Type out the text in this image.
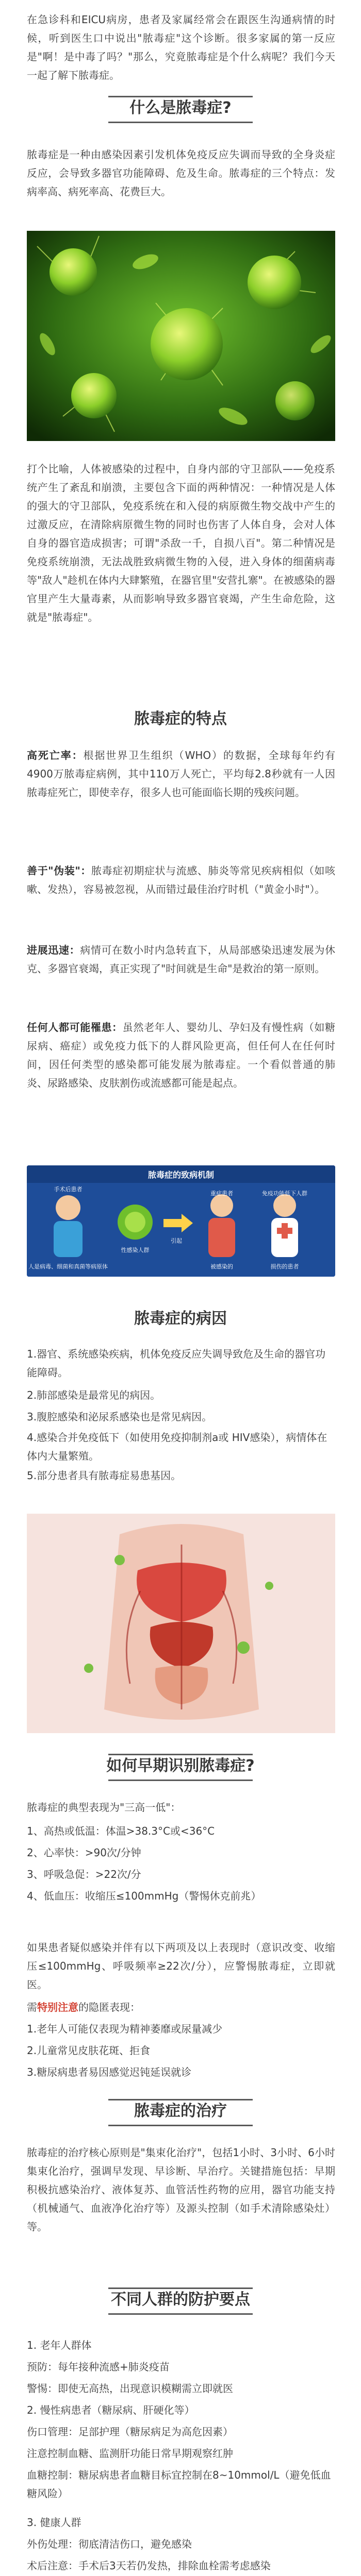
在急诊科和EICU病房，患者及家属经常会在跟医生沟通病情的时候，听到医生口中说出"脓毒症"这个诊断。很多家属的第一反应是"啊！是中毒了吗？"那么，究竟脓毒症是个什么病呢？我们今天一起了解下脓毒症。

什么是脓毒症?

脓毒症是一种由感染因素引发机体免疫反应失调而导致的全身炎症反应，会导致多器官功能障碍、危及生命。脓毒症的三个特点：发病率高、病死率高、花费巨大。

打个比喻，人体被感染的过程中，自身内部的守卫部队——免疫系统产生了紊乱和崩溃，主要包含下面的两种情况：一种情况是人体的强大的守卫部队，免疫系统在和入侵的病原微生物交战中产生的过激反应，在清除病原微生物的同时也伤害了人体自身，会对人体自身的器官造成损害；可谓"杀敌一千，自损八百"。第二种情况是免疫系统崩溃，无法战胜致病微生物的入侵，进入身体的细菌病毒等"敌人"趁机在体内大肆繁殖，在器官里"安营扎寨"。在被感染的器官里产生大量毒素，从而影响导致多器官衰竭，产生生命危险，这就是"脓毒症"。

脓毒症的特点

高死亡率：根据世界卫生组织（WHO）的数据，全球每年约有4900万脓毒症病例，其中110万人死亡，平均每2.8秒就有一人因脓毒症死亡，即使幸存，很多人也可能面临长期的残疾问题。

善于"伪装"：脓毒症初期症状与流感、肺炎等常见疾病相似（如咳嗽、发热），容易被忽视，从而错过最佳治疗时机（"黄金小时"）。

进展迅速：病情可在数小时内急转直下，从局部感染迅速发展为休克、多器官衰竭，真正实现了"时间就是生命"是救治的第一原则。

任何人都可能罹患：虽然老年人、婴幼儿、孕妇及有慢性病（如糖尿病、癌症）或免疫力低下的人群风险更高，但任何人在任何时间，因任何类型的感染都可能发展为脓毒症。一个看似普通的肺炎、尿路感染、皮肤割伤或流感都可能是起点。

脓毒症的致病机制
人是病毒、细菌和真菌等病原体
引起
被感染的	损伤的患者
性感染人群
重症患者	免疫功能低下人群
手术后患者
脓毒症的病因

1.器官、系统感染疾病，机体免疫反应失调导致危及生命的器官功能障碍。

2.肺部感染是最常见的病因。

3.腹腔感染和泌尿系感染也是常见病因。

4.感染合并免疫低下（如使用免疫抑制剂a或 HIV感染），病情体在体内大量繁殖。

5.部分患者具有脓毒症易患基因。

如何早期识别脓毒症?

脓毒症的典型表现为"三高一低"：

1、高热或低温：体温>38.3°C或<36°C

2、心率快：>90次/分钟

3、呼吸急促：>22次/分

4、低血压：收缩压≤100mmHg（警惕休克前兆）

如果患者疑似感染并伴有以下两项及以上表现时（意识改变、收缩压≤100mmHg、呼吸频率≥22次/分），应警惕脓毒症，立即就医。

需特别注意的隐匿表现：

1.老年人可能仅表现为精神萎靡或尿量减少

2.儿童常见皮肤花斑、拒食

3.糖尿病患者易因感觉迟钝延误就诊

脓毒症的治疗

脓毒症的治疗核心原则是"集束化治疗"，包括1小时、3小时、6小时集束化治疗，强调早发现、早诊断、早治疗。关键措施包括：早期积极抗感染治疗、液体复苏、血管活性药物的应用，器官功能支持（机械通气、血液净化治疗等）及源头控制（如手术清除感染灶）等。

不同人群的防护要点

1. 老年人群体

预防：每年接种流感+肺炎疫苗

警惕：即使无高热，出现意识模糊需立即就医

2. 慢性病患者（糖尿病、肝硬化等）

伤口管理：足部护理（糖尿病足为高危因素）

注意控制血糖、监测肝功能日常早期观察红肿

血糖控制：糖尿病患者血糖目标宜控制在8~10mmol/L（避免低血糖风险）

3. 健康人群

外伤处理：彻底清洁伤口，避免感染

术后注意：手术后3天若仍发热，排除血栓需考虑感染
